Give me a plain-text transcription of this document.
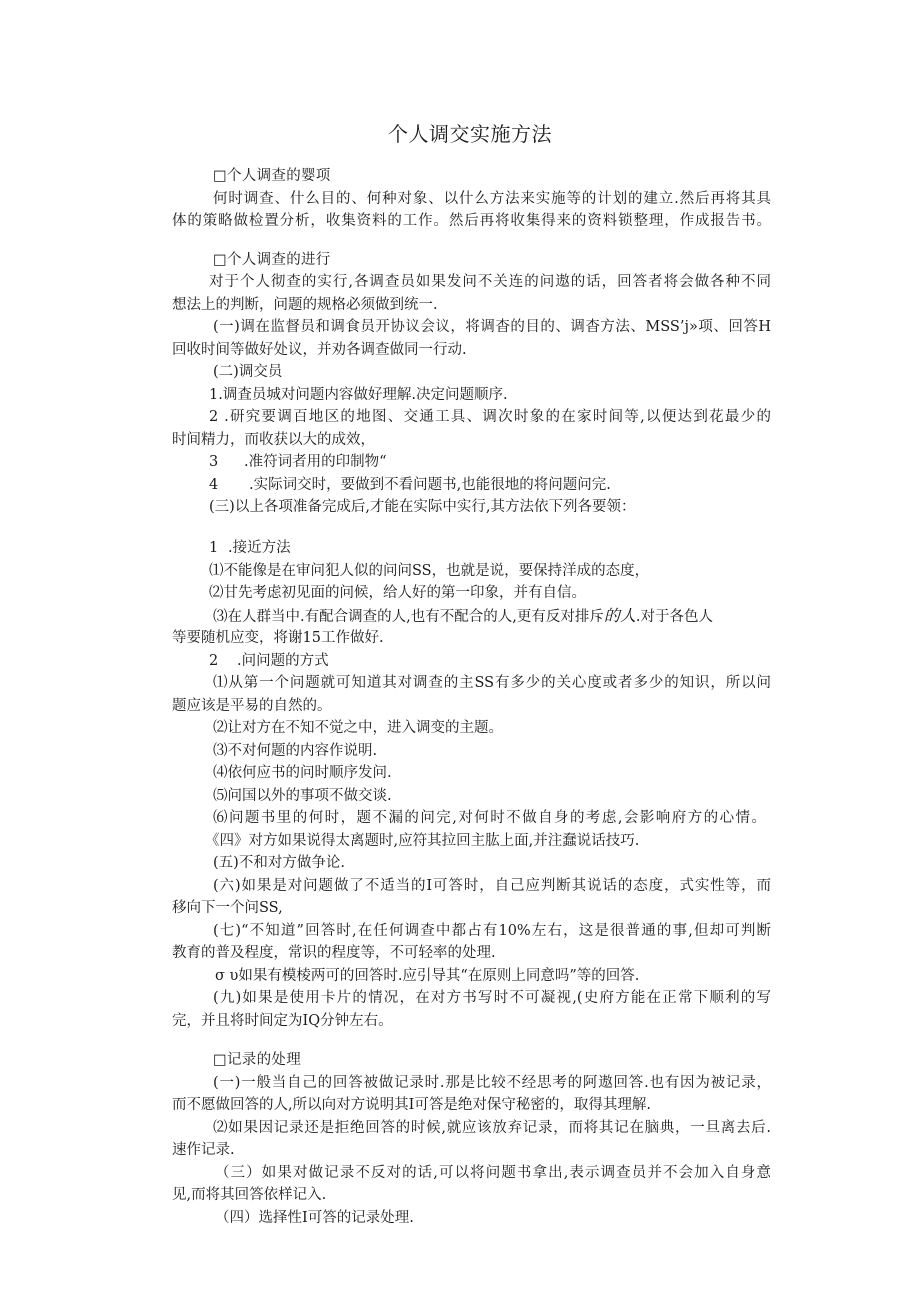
个人调交实施方法
□个人调查的婴项
何时调查、什么目的、何种对象、以什么方法来实施等的计划的建立.然后再将其具
体的策略做检置分析，收集资料的工作。然后再将收集得来的资料锁整理，作成报告书。
□个人调查的进行
对于个人彻查的实行,各调查员如果发问不关连的问遨的话，回答者将会做各种不同
想法上的判断，问题的规格必须做到统一.
(一)调在监督员和调食员开协议会议，将调杳的目的、调杳方法、MSS’j»项、回答H
回收时间等做好处议，并劝各调查做同一行动.
(二)调交员
1.调査员城对问题内容做好理解.决定问题顺序.
2 .研究要调百地区的地图、交通工具、调次时象的在家时间等,以便达到花最少的
时间精力，而收获以大的成效，
3 .准符词者用的印制物“
4 .实际词交时，要做到不看问题书,也能很地的将问题问完.
(三)以上各项准备完成后,才能在实际中实行,其方法依下列各要领：
1 .接近方法
⑴不能像是在审问犯人似的问问SS，也就是说，要保持洋成的态度，
⑵甘先考虑初见面的问候，给人好的第一印象，并有自信。
⑶在人群当中.有配合调查的人,也有不配合的人,更有反对排斥的人.对于各色人
等要随机应变，将谢15工作做好.
2 .问问题的方式
⑴从第一个问题就可知道其对调查的主SS有多少的关心度或者多少的知识，所以问
题应该是平易的自然的。
⑵让对方在不知不觉之中，进入调变的主题。
⑶不对何题的内容作说明.
⑷依何应书的问时顺序发问.
⑸问国以外的事项不做交谈.
⑹问题书里的何时，题不漏的问完,对何时不做自身的考虑,会影响府方的心情。
《四》对方如果说得太离题时,应符其拉回主肱上面,并注蠢说话技巧.
(五)不和对方做争论.
(六)如果是对问题做了不适当的I可答时，自己应判断其说话的态度，式实性等，而
移向下一个问SS,
(七)“不知道”回答时,在任何调查中都占有10%左右，这是很普通的事,但却可判断
教育的普及程度，常识的程度等，不可轻率的处理.
σ υ如果有模棱两可的回答时.应引导其“在原则上同意吗”等的回答.
(九)如果是使用卡片的情况，在对方书写时不可凝视,(史府方能在正常下顺利的写
完，并且将时间定为IQ分钟左右。
□记录的处理
(一)一般当自己的回答被做记录时.那是比较不经思考的阿遨回答.也有因为被记录，
而不愿做回答的人,所以向对方说明其I可答是绝对保守秘密的，取得其理解.
⑵如果因记录还是拒绝回答的时候,就应该放弃记录，而将其记在脑典，一旦离去后.
速作记录.
（三）如果对做记录不反对的话,可以将问题书拿出,表示调查员并不会加入自身意
见,而将其回答依样记入.
（四）选择性I可答的记录处理.
